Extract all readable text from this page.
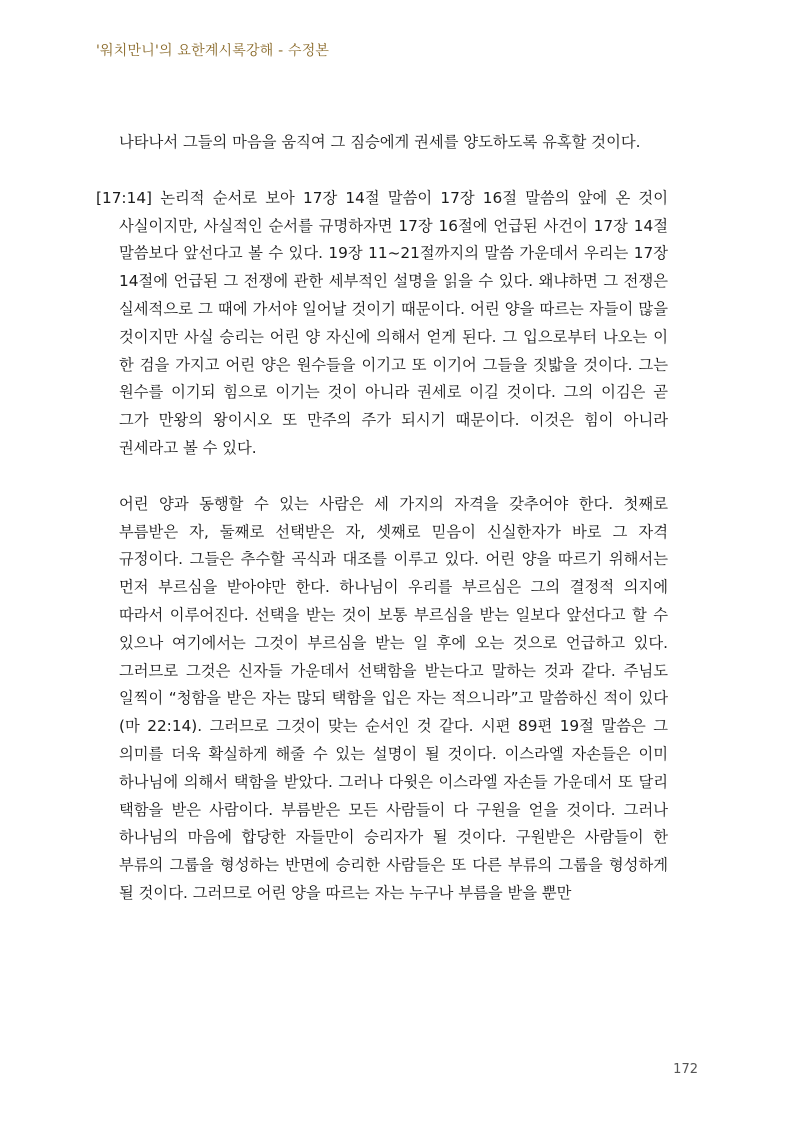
'워치만니'의 요한계시록강해 - 수정본

나타나서 그들의 마음을 움직여 그 짐승에게 권세를 양도하도록 유혹할 것이다.

[17:14] 논리적 순서로 보아 17장 14절 말씀이 17장 16절 말씀의 앞에 온 것이 사실이지만, 사실적인 순서를 규명하자면 17장 16절에 언급된 사건이 17장 14절 말씀보다 앞선다고 볼 수 있다. 19장 11~21절까지의 말씀 가운데서 우리는 17장 14절에 언급된 그 전쟁에 관한 세부적인 설명을 읽을 수 있다. 왜냐하면 그 전쟁은 실세적으로 그 때에 가서야 일어날 것이기 때문이다. 어린 양을 따르는 자들이 많을 것이지만 사실 승리는 어린 양 자신에 의해서 얻게 된다. 그 입으로부터 나오는 이 한 검을 가지고 어린 양은 원수들을 이기고 또 이기어 그들을 짓밟을 것이다. 그는 원수를 이기되 힘으로 이기는 것이 아니라 권세로 이길 것이다. 그의 이김은 곧 그가 만왕의 왕이시오 또 만주의 주가 되시기 때문이다. 이것은 힘이 아니라 권세라고 볼 수 있다.

어린 양과 동행할 수 있는 사람은 세 가지의 자격을 갖추어야 한다. 첫째로 부름받은 자, 둘째로 선택받은 자, 셋째로 믿음이 신실한자가 바로 그 자격 규정이다. 그들은 추수할 곡식과 대조를 이루고 있다. 어린 양을 따르기 위해서는 먼저 부르심을 받아야만 한다. 하나님이 우리를 부르심은 그의 결정적 의지에 따라서 이루어진다. 선택을 받는 것이 보통 부르심을 받는 일보다 앞선다고 할 수 있으나 여기에서는 그것이 부르심을 받는 일 후에 오는 것으로 언급하고 있다. 그러므로 그것은 신자들 가운데서 선택함을 받는다고 말하는 것과 같다. 주님도 일찍이 “청함을 받은 자는 많되 택함을 입은 자는 적으니라”고 말씀하신 적이 있다(마 22:14). 그러므로 그것이 맞는 순서인 것 같다. 시편 89편 19절 말씀은 그 의미를 더욱 확실하게 해줄 수 있는 설명이 될 것이다. 이스라엘 자손들은 이미 하나님에 의해서 택함을 받았다. 그러나 다윗은 이스라엘 자손들 가운데서 또 달리 택함을 받은 사람이다. 부름받은 모든 사람들이 다 구원을 얻을 것이다. 그러나 하나님의 마음에 합당한 자들만이 승리자가 될 것이다. 구원받은 사람들이 한 부류의 그룹을 형성하는 반면에 승리한 사람들은 또 다른 부류의 그룹을 형성하게 될 것이다. 그러므로 어린 양을 따르는 자는 누구나 부름을 받을 뿐만

172
